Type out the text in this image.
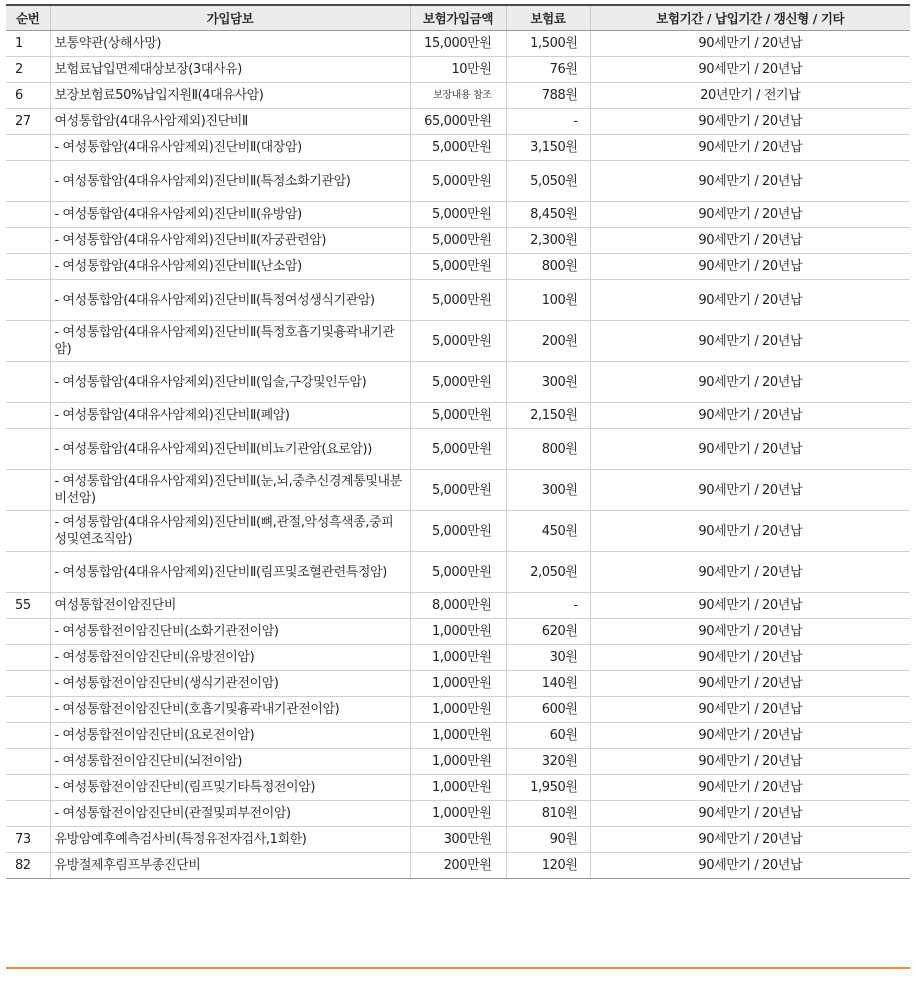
순번	가입담보	보험가입금액	보험료	보험기간 / 납입기간 / 갱신형 / 기타
1	보통약관(상해사망)	15,000만원	1,500원	90세만기 / 20년납
2	보험료납입면제대상보장(3대사유)	10만원	76원	90세만기 / 20년납
6	보장보험료50%납입지원Ⅱ(4대유사암)	보장내용 참조	788원	20년만기 / 전기납
27	여성통합암(4대유사암제외)진단비Ⅱ	65,000만원	-	90세만기 / 20년납
	- 여성통합암(4대유사암제외)진단비Ⅱ(대장암)	5,000만원	3,150원	90세만기 / 20년납
	- 여성통합암(4대유사암제외)진단비Ⅱ(특정소화기관암)	5,000만원	5,050원	90세만기 / 20년납
	- 여성통합암(4대유사암제외)진단비Ⅱ(유방암)	5,000만원	8,450원	90세만기 / 20년납
	- 여성통합암(4대유사암제외)진단비Ⅱ(자궁관련암)	5,000만원	2,300원	90세만기 / 20년납
	- 여성통합암(4대유사암제외)진단비Ⅱ(난소암)	5,000만원	800원	90세만기 / 20년납
	- 여성통합암(4대유사암제외)진단비Ⅱ(특정여성생식기관암)	5,000만원	100원	90세만기 / 20년납
	- 여성통합암(4대유사암제외)진단비Ⅱ(특정호흡기및흉곽내기관암)	5,000만원	200원	90세만기 / 20년납
	- 여성통합암(4대유사암제외)진단비Ⅱ(입술,구강및인두암)	5,000만원	300원	90세만기 / 20년납
	- 여성통합암(4대유사암제외)진단비Ⅱ(폐암)	5,000만원	2,150원	90세만기 / 20년납
	- 여성통합암(4대유사암제외)진단비Ⅱ(비뇨기관암(요로암))	5,000만원	800원	90세만기 / 20년납
	- 여성통합암(4대유사암제외)진단비Ⅱ(눈,뇌,중추신경계통및내분비선암)	5,000만원	300원	90세만기 / 20년납
	- 여성통합암(4대유사암제외)진단비Ⅱ(뼈,관절,악성흑색종,중피성및연조직암)	5,000만원	450원	90세만기 / 20년납
	- 여성통합암(4대유사암제외)진단비Ⅱ(림프및조혈관련특정암)	5,000만원	2,050원	90세만기 / 20년납
55	여성통합전이암진단비	8,000만원	-	90세만기 / 20년납
	- 여성통합전이암진단비(소화기관전이암)	1,000만원	620원	90세만기 / 20년납
	- 여성통합전이암진단비(유방전이암)	1,000만원	30원	90세만기 / 20년납
	- 여성통합전이암진단비(생식기관전이암)	1,000만원	140원	90세만기 / 20년납
	- 여성통합전이암진단비(호흡기및흉곽내기관전이암)	1,000만원	600원	90세만기 / 20년납
	- 여성통합전이암진단비(요로전이암)	1,000만원	60원	90세만기 / 20년납
	- 여성통합전이암진단비(뇌전이암)	1,000만원	320원	90세만기 / 20년납
	- 여성통합전이암진단비(림프및기타특정전이암)	1,000만원	1,950원	90세만기 / 20년납
	- 여성통합전이암진단비(관절및피부전이암)	1,000만원	810원	90세만기 / 20년납
73	유방암예후예측검사비(특정유전자검사,1회한)	300만원	90원	90세만기 / 20년납
82	유방절제후림프부종진단비	200만원	120원	90세만기 / 20년납
